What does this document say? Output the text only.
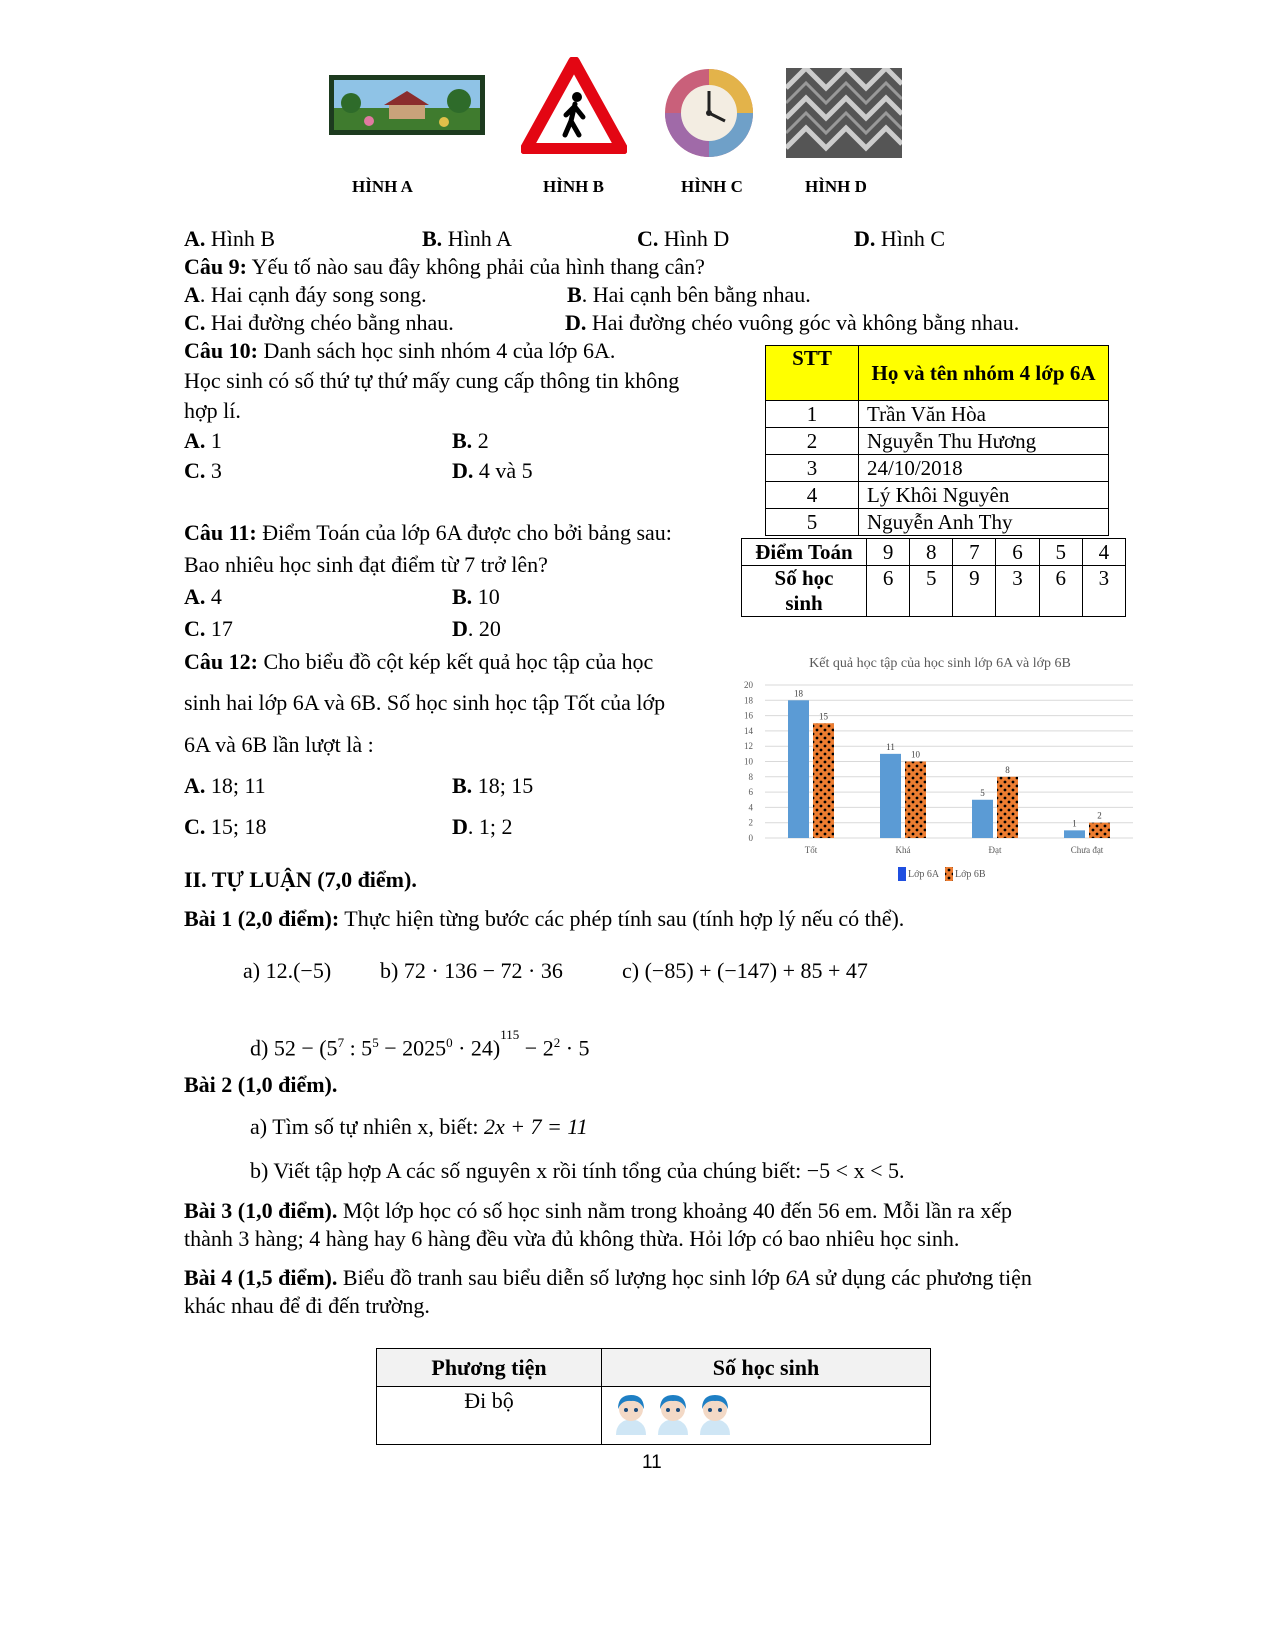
HÌNH A	HÌNH B	HÌNH C	HÌNH D
A. Hình B	B. Hình A	C. Hình D	D. Hình C
Câu 9: Yếu tố nào sau đây không phải của hình thang cân?
A. Hai cạnh đáy song song.	B. Hai cạnh bên bằng nhau.
C. Hai đường chéo bằng nhau.	D. Hai đường chéo vuông góc và không bằng nhau.
Câu 10: Danh sách học sinh nhóm 4 của lớp 6A.
Học sinh có số thứ tự thứ mấy cung cấp thông tin không
hợp lí.
A. 1	B. 2
C. 3	D. 4 và 5
STT	Họ và tên nhóm 4 lớp 6A
1	Trần Văn Hòa
2	Nguyễn Thu Hương
3	24/10/2018
4	Lý Khôi Nguyên
5	Nguyễn Anh Thy
Câu 11: Điểm Toán của lớp 6A được cho bởi bảng sau:
Bao nhiêu học sinh đạt điểm từ 7 trở lên?
A. 4	B. 10
C. 17	D. 20
Điểm Toán	9	8	7	6	5	4
Số học sinh	6	5	9	3	6	3
Câu 12: Cho biểu đồ cột kép kết quả học tập của học
sinh hai lớp 6A và 6B. Số học sinh học tập Tốt của lớp
6A và 6B lần lượt là :
A. 18; 11	B. 18; 15
C. 15; 18	D. 1; 2
Kết quả học tập của học sinh lớp 6A và lớp 6B
0
2
4
6
8
10
12
14
16
18
20
18
15
Tốt
11
10
Khá
5
8
Đạt
1
2
Chưa đạt
Lớp 6A Lớp 6B
II. TỰ LUẬN (7,0 điểm).
Bài 1 (2,0 điểm): Thực hiện từng bước các phép tính sau (tính hợp lý nếu có thể).
a) 12.(−5) b) 72 · 136 − 72 · 36	c) (−85) + (−147) + 85 + 47
d) $52 - (5^7$ : $5^5 - 2025^0 \cdot 24)^{115} - 2^2 \cdot 5$
Bài 2 (1,0 điểm).
a) Tìm số tự nhiên x, biết: 2x + 7 = 11
b) Viết tập hợp A các số nguyên x rồi tính tổng của chúng biết: −5 < x < 5.
Bài 3 (1,0 điểm). Một lớp học có số học sinh nằm trong khoảng 40 đến 56 em. Mỗi lần ra xếp
thành 3 hàng; 4 hàng hay 6 hàng đều vừa đủ không thừa. Hỏi lớp có bao nhiêu học sinh.
Bài 4 (1,5 điểm). Biểu đồ tranh sau biểu diễn số lượng học sinh lớp 6A sử dụng các phương tiện
khác nhau để đi đến trường.
Phương tiện	Số học sinh
Đi bộ	
11
